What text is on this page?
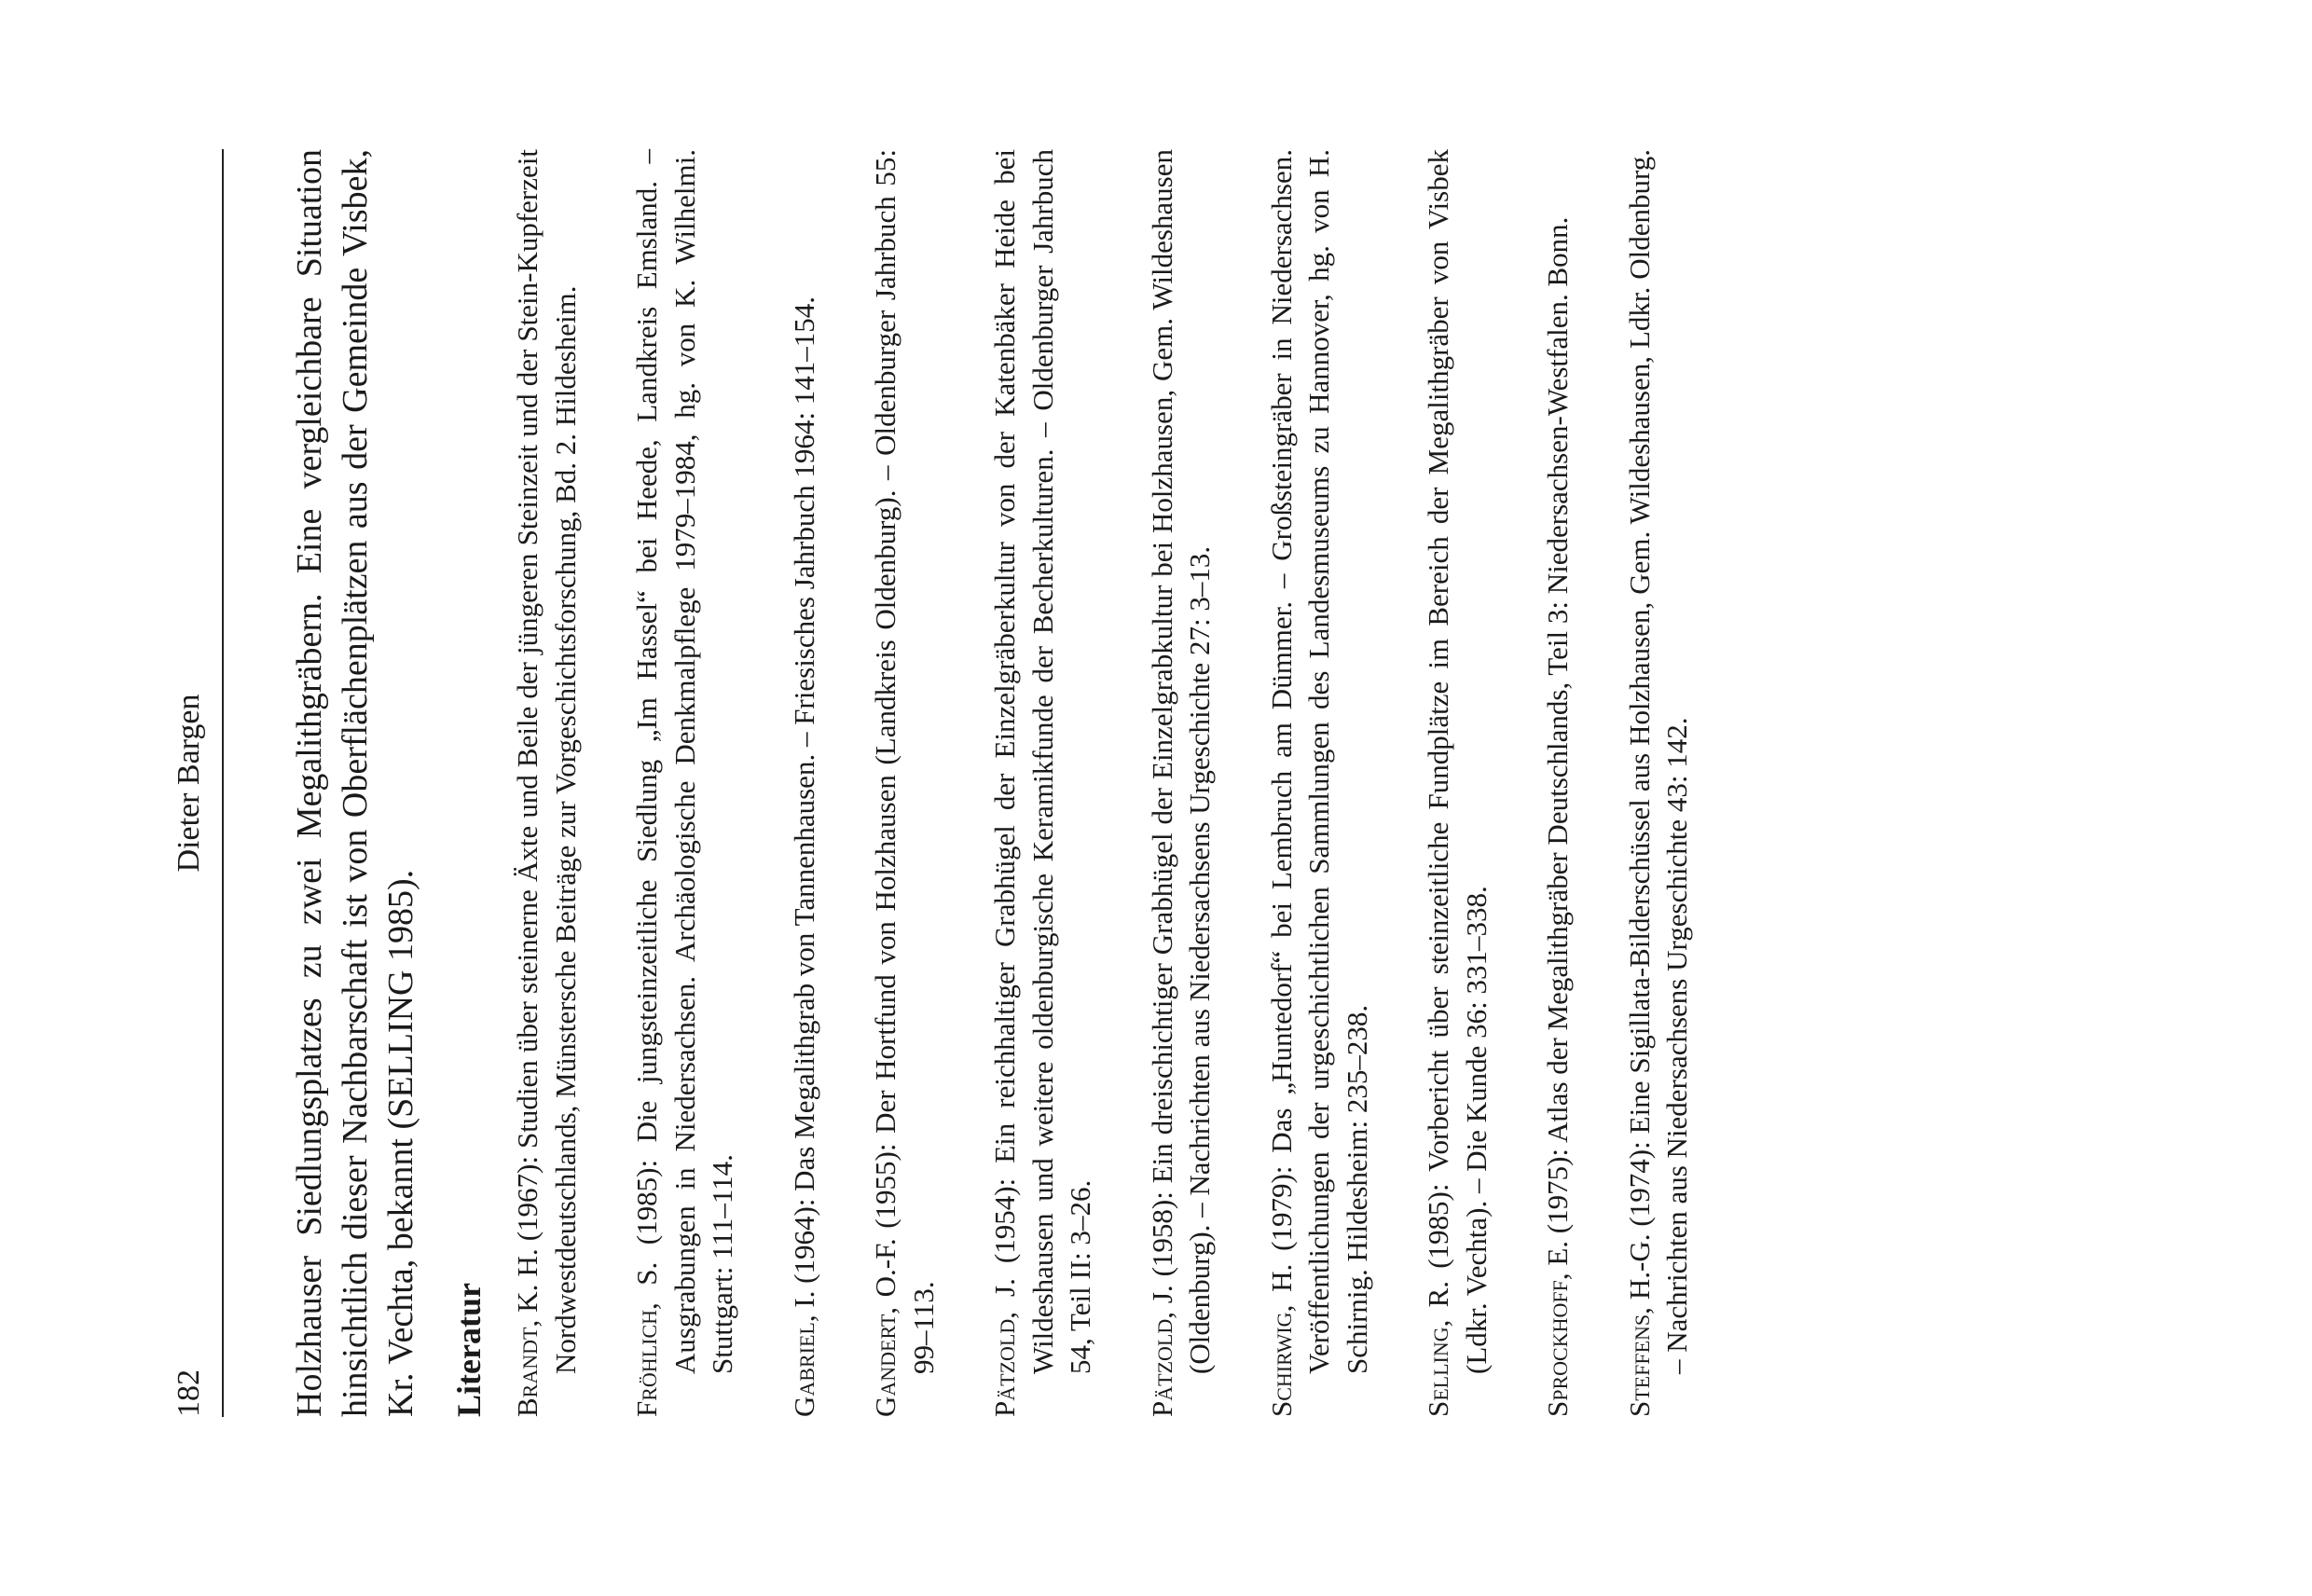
182
Dieter Bargen Holzhauser Siedlungsplatzes zu zwei Megalithgräbern. Eine vergleichbare Situation hinsichtlich dieser Nachbarschaft ist von Oberflächenplätzen aus der Gemeinde Visbek, Kr. Vechta, bekannt (SELLING 1985). Literatur Brandt, K. H. (1967): Studien über steinerne Äxte und Beile der jüngeren Steinzeit und der Stein-Kupferzeit Nordwestdeutschlands, Münstersche Beiträge zur Vorgeschichtsforschung, Bd. 2. Hildesheim. Fröhlich, S. (1985): Die jungsteinzeitliche Siedlung „Im Hassel“ bei Heede, Landkreis Emsland. – Ausgrabungen in Niedersachsen. Archäologische Denkmalpflege 1979–1984, hg. von K. Wilhelmi. Stuttgart: 111–114. Gabriel, I. (1964): Das Megalithgrab von Tannenhausen. – Friesisches Jahrbuch 1964: 141–154.

Gandert, O.-F. (1955): Der Hortfund von Holzhausen (Landkreis Oldenburg). – Oldenburger Jahrbuch 55: 99–113. Pätzold, J. (1954): Ein reichhaltiger Grabhügel der Einzelgräberkultur von der Katenbäker Heide bei Wildeshausen und weitere oldenburgische Keramikfunde der Becherkulturen. – Oldenburger Jahrbuch 54, Teil II: 3–26. Pätzold, J. (1958): Ein dreischichtiger Grabhügel der Einzelgrabkultur bei Holzhausen, Gem. Wildeshausen (Oldenburg). – Nachrichten aus Niedersachsens Urgeschichte 27: 3–13. Schirwig, H. (1979): Das „Huntedorf“ bei Lembruch am Dümmer. – Großsteingräber in Niedersachsen. Veröffentlichungen der urgeschichtlichen Sammlungen des Landesmuseums zu Hannover, hg. von H. Schirnig. Hildesheim: 235–238. Selling, R. (1985): Vorbericht über steinzeitliche Fundplätze im Bereich der Megalithgräber von Visbek (Ldkr. Vechta). – Die Kunde 36: 331–338. Sprockhoff, E. (1975): Atlas der Megalithgräber Deutschlands, Teil 3: Niedersachsen-Westfalen. Bonn.

Steffens, H.-G. (1974): Eine Sigillata-Bilderschüssel aus Holzhausen, Gem. Wildeshausen, Ldkr. Oldenburg. – Nachrichten aus Niedersachsens Urgeschichte 43: 142.
